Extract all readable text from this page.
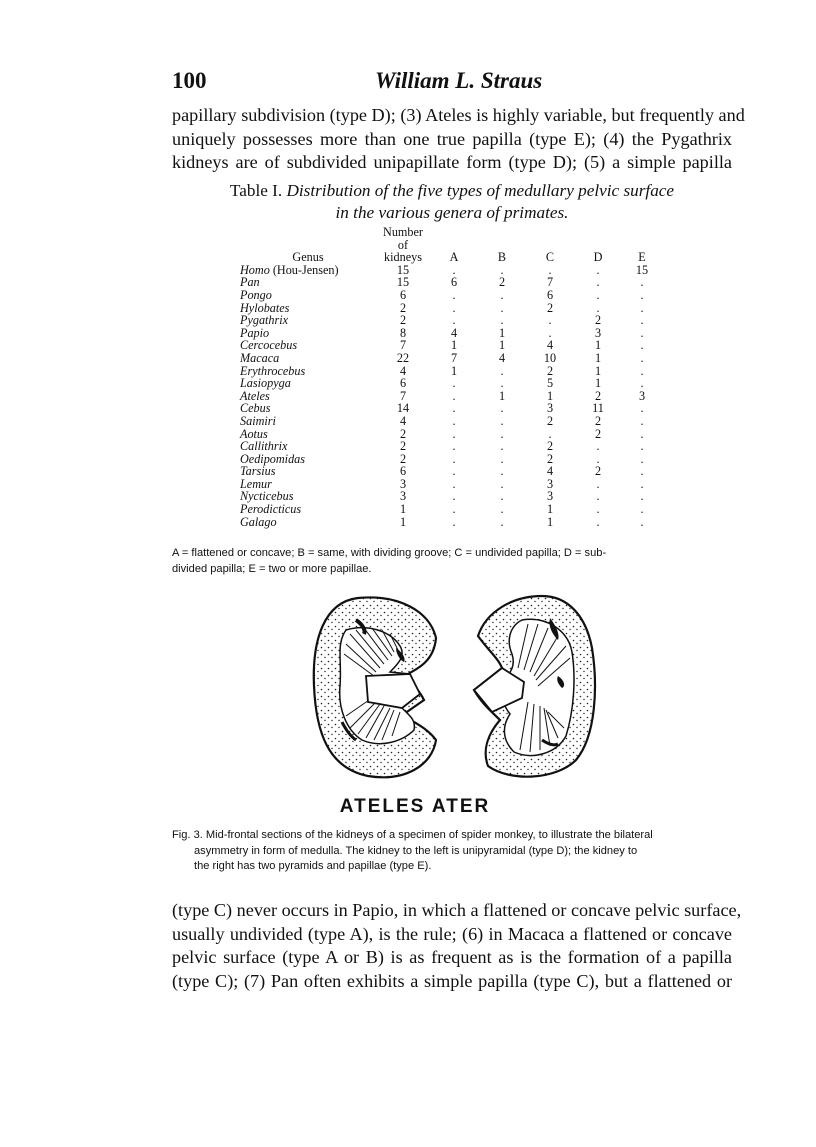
100	William L. Straus
papillary subdivision (type D); (3) Ateles is highly variable, but frequently and
uniquely possesses more than one true papilla (type E); (4) the Pygathrix
kidneys are of subdivided unipapillate form (type D); (5) a simple papilla
Table I. Distribution of the five types of medullary pelvic surface
in the various genera of primates.
Genus	Number
of
kidneys	A	B	C	D	E
Homo (Hou-Jensen)	15	.	.	.	.	15
Pan	15	6	2	7	.	.
Pongo	6	.	.	6	.	.
Hylobates	2	.	.	2	.	.
Pygathrix	2	.	.	.	2	.
Papio	8	4	1	.	3	.
Cercocebus	7	1	1	4	1	.
Macaca	22	7	4	10	1	.
Erythrocebus	4	1	.	2	1	.
Lasiopyga	6	.	.	5	1	.
Ateles	7	.	1	1	2	3
Cebus	14	.	.	3	11	.
Saimiri	4	.	.	2	2	.
Aotus	2	.	.	.	2	.
Callithrix	2	.	.	2	.	.
Oedipomidas	2	.	.	2	.	.
Tarsius	6	.	.	4	2	.
Lemur	3	.	.	3	.	.
Nycticebus	3	.	.	3	.	.
Perodicticus	1	.	.	1	.	.
Galago	1	.	.	1	.	.
A = flattened or concave; B = same, with dividing groove; C = undivided papilla; D = sub-
divided papilla; E = two or more papillae.
ATELES ATER
Fig. 3. Mid-frontal sections of the kidneys of a specimen of spider monkey, to illustrate the bilateral
asymmetry in form of medulla. The kidney to the left is unipyramidal (type D); the kidney to
the right has two pyramids and papillae (type E).
(type C) never occurs in Papio, in which a flattened or concave pelvic surface,
usually undivided (type A), is the rule; (6) in Macaca a flattened or concave
pelvic surface (type A or B) is as frequent as is the formation of a papilla
(type C); (7) Pan often exhibits a simple papilla (type C), but a flattened or
